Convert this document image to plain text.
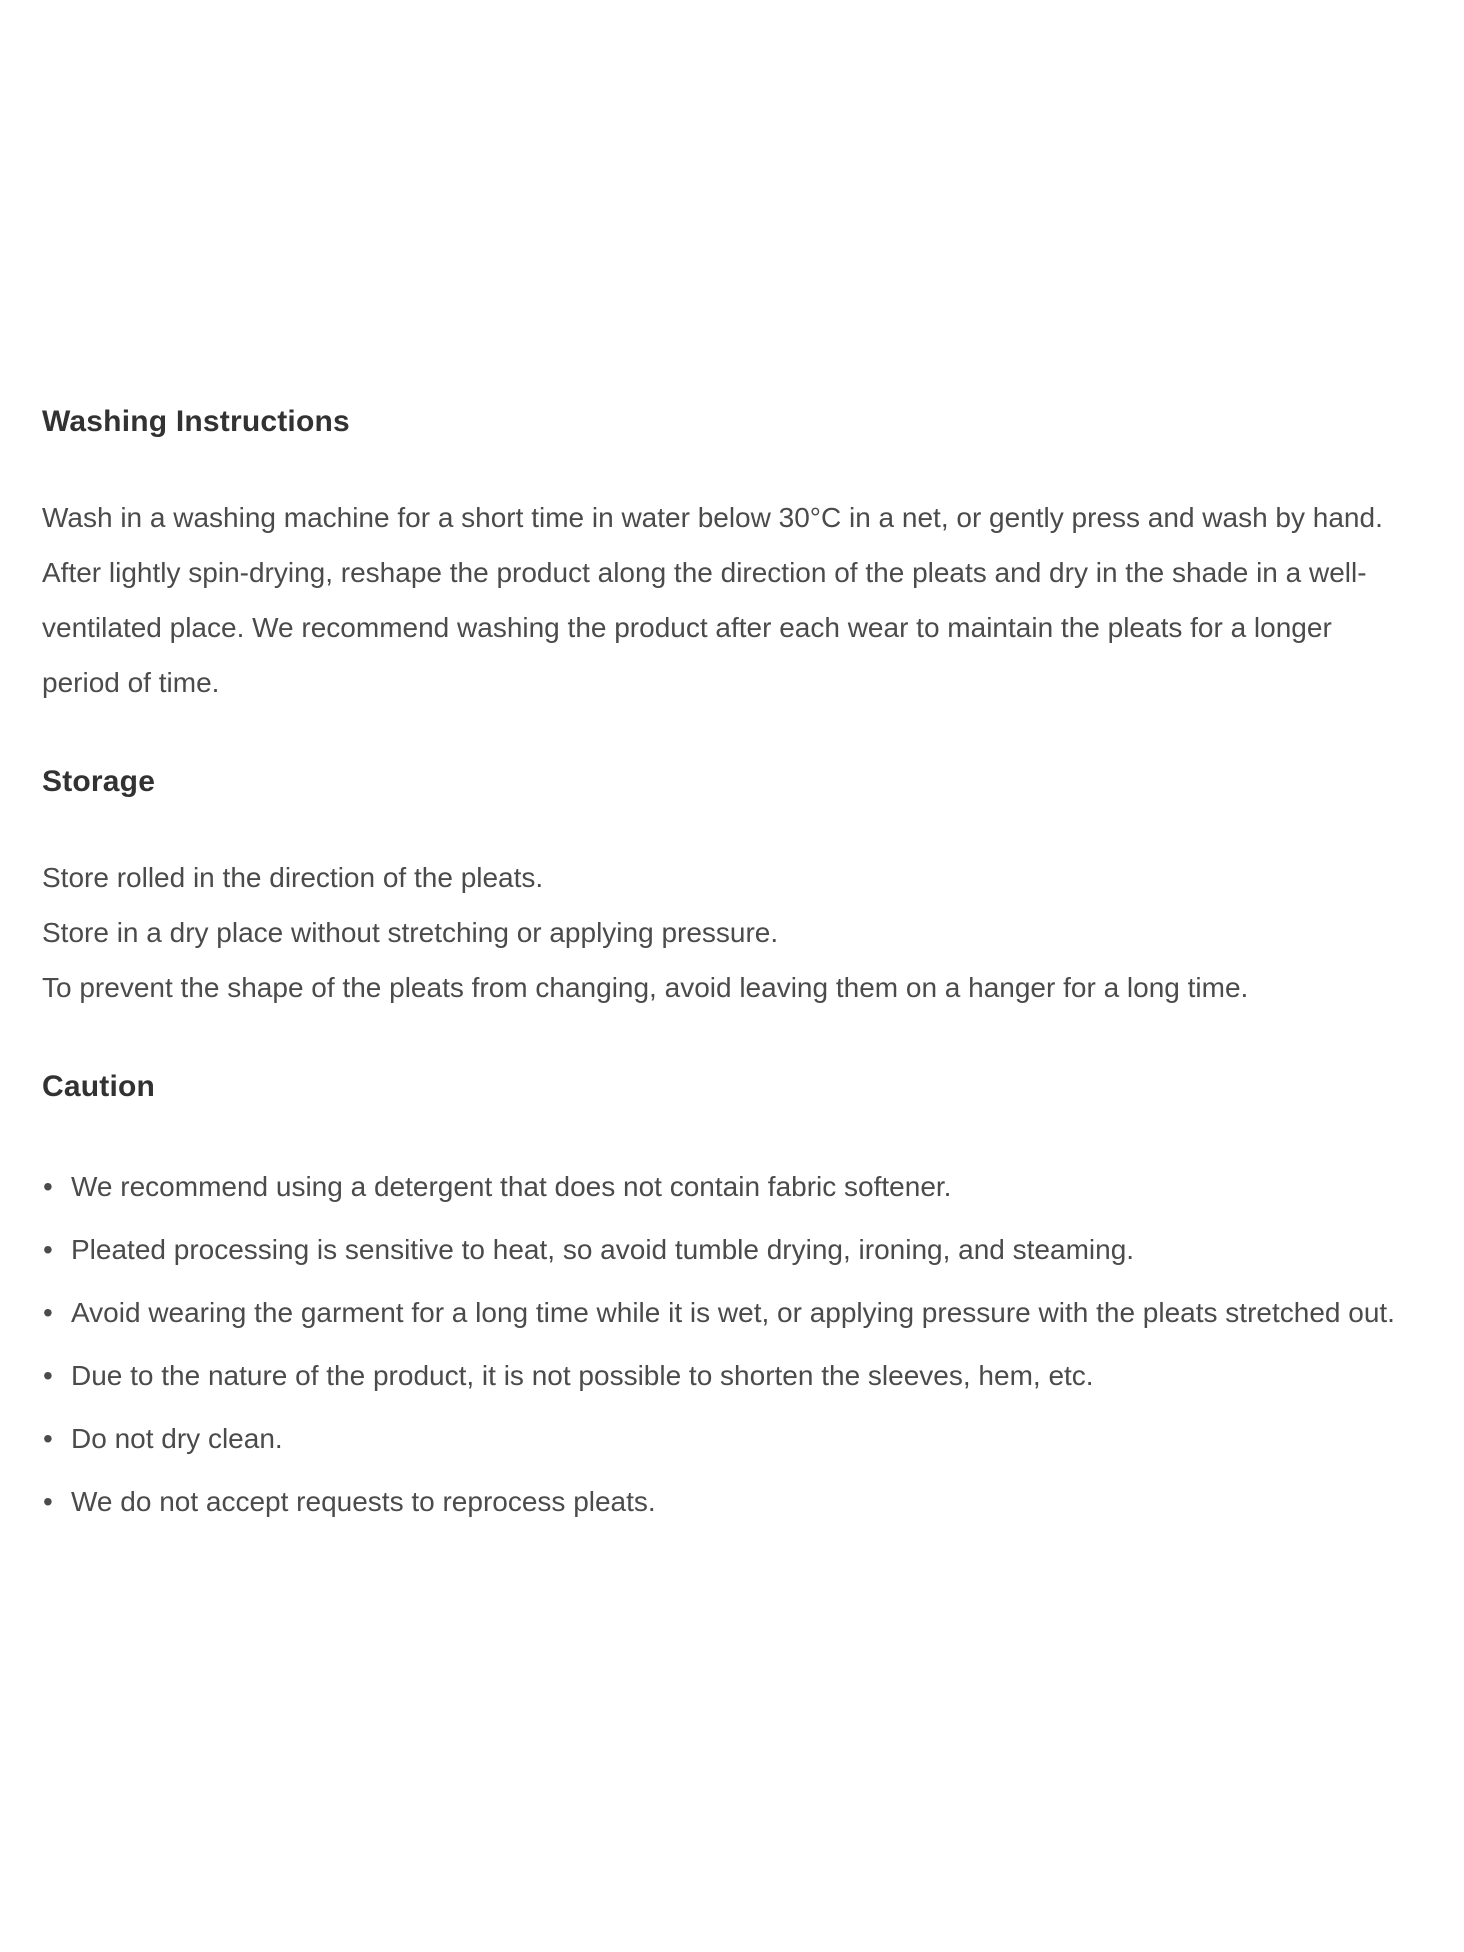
Washing Instructions

Wash in a washing machine for a short time in water below 30°C in a net, or gently press and wash by hand. After lightly spin-drying, reshape the product along the direction of the pleats and dry in the shade in a well-ventilated place. We recommend washing the product after each wear to maintain the pleats for a longer period of time.

Storage

Store rolled in the direction of the pleats.
Store in a dry place without stretching or applying pressure.
To prevent the shape of the pleats from changing, avoid leaving them on a hanger for a long time.

Caution
• We recommend using a detergent that does not contain fabric softener.
• Pleated processing is sensitive to heat, so avoid tumble drying, ironing, and steaming.
• Avoid wearing the garment for a long time while it is wet, or applying pressure with the pleats stretched out.
• Due to the nature of the product, it is not possible to shorten the sleeves, hem, etc.
• Do not dry clean.
• We do not accept requests to reprocess pleats.
